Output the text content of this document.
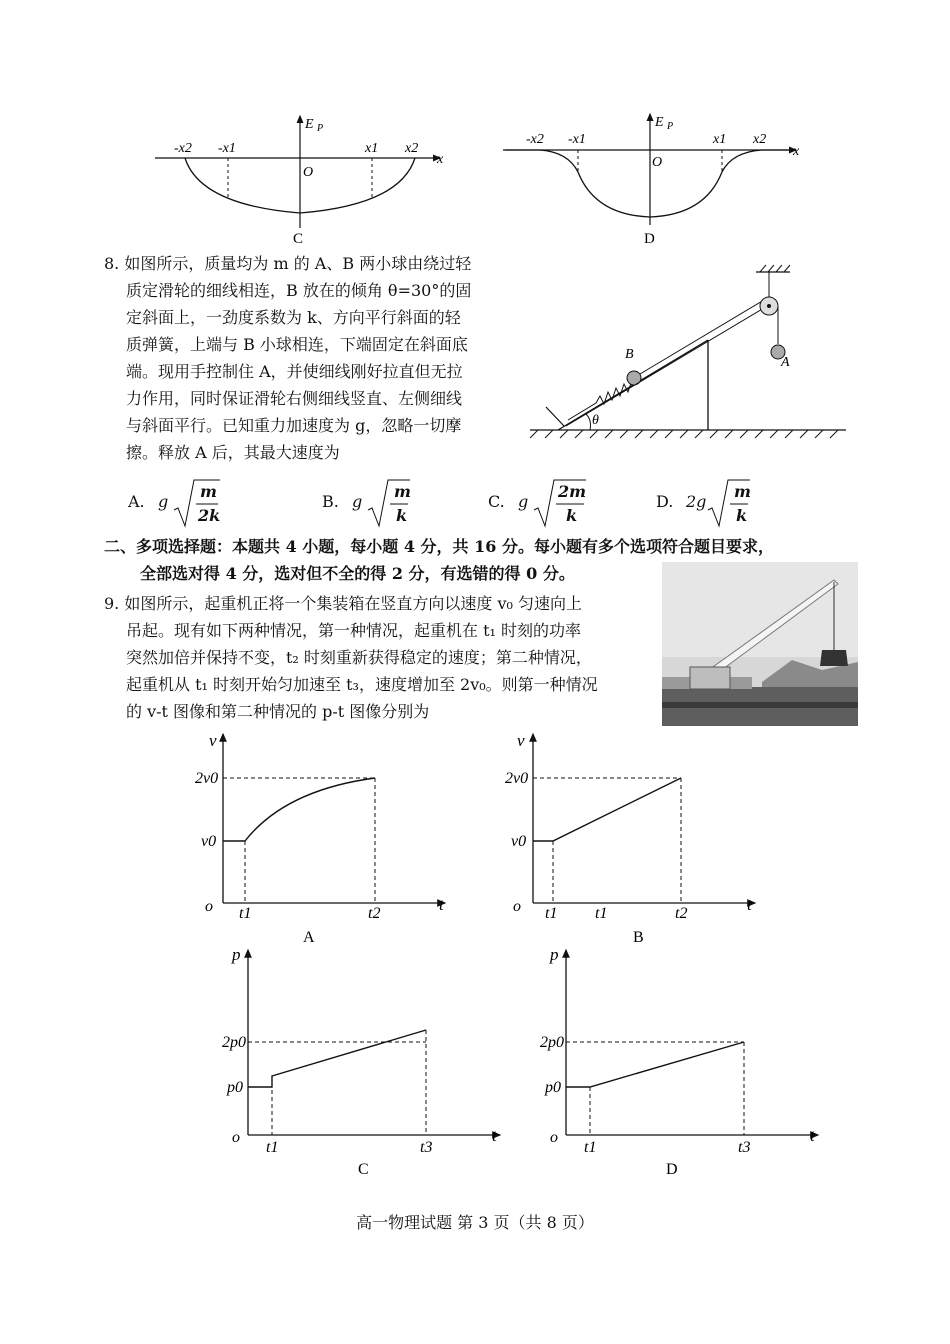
-x2 -x1	x1 x2
E P
x
O
C
-x2 -x1	x1 x2
E P
x
O
D

8. 如图所示，质量均为 m 的 A、B 两小球由绕过轻

质定滑轮的细线相连，B 放在的倾角 θ=30°的固

定斜面上，一劲度系数为 k、方向平行斜面的轻

质弹簧，上端与 B 小球相连，下端固定在斜面底

端。现用手控制住 A，并使细线刚好拉直但无拉

力作用，同时保证滑轮右侧细线竖直、左侧细线

与斜面平行。已知重力加速度为 g，忽略一切摩

擦。释放 A 后，其最大速度为

θ
B
A
A. g
m
2k
B. g
m
k
C. g
2m
k
D. 2g
m
k

二、多项选择题：本题共 4 小题，每小题 4 分，共 16 分。每小题有多个选项符合题目要求，

全部选对得 4 分，选对但不全的得 2 分，有选错的得 0 分。

9. 如图所示，起重机正将一个集装箱在竖直方向以速度 v₀ 匀速向上

吊起。现有如下两种情况，第一种情况，起重机在 t₁ 时刻的功率

突然加倍并保持不变，t₂ 时刻重新获得稳定的速度；第二种情况，

起重机从 t₁ 时刻开始匀加速至 t₃，速度增加至 2v₀。则第一种情况

的 v-t 图像和第二种情况的 p-t 图像分别为

v
t
o
2v0
v0
t1	t2
A
v
t
o
2v0
v0
t1 t1	t2
B
p
t
o
2p0
p0
t1	t3
C
p
t
o
2p0
p0
t1	t3
D
高一物理试题 第 3 页（共 8 页）
